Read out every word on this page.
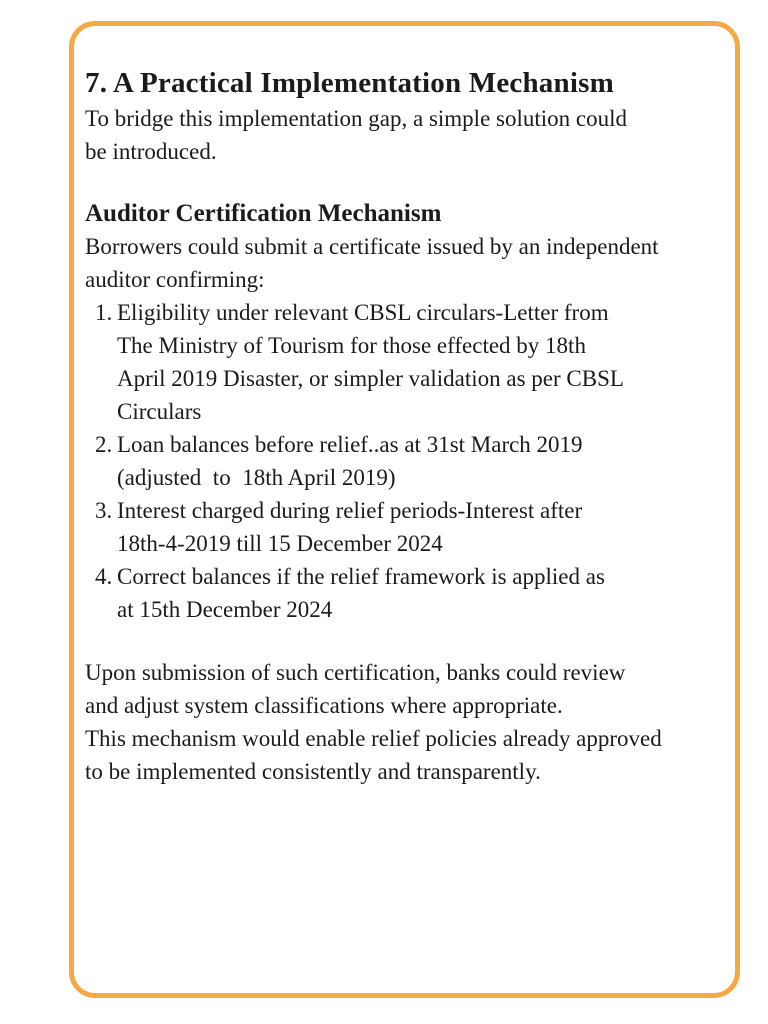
7. A Practical Implementation Mechanism

To bridge this implementation gap, a simple solution could
be introduced.

Auditor Certification Mechanism

Borrowers could submit a certificate issued by an independent
auditor confirming:

1. Eligibility under relevant CBSL circulars-Letter from
The Ministry of Tourism for those effected by 18th
April 2019 Disaster, or simpler validation as per CBSL
Circulars
2. Loan balances before relief..as at 31st March 2019
(adjusted  to  18th April 2019)
3. Interest charged during relief periods-Interest after
18th-4-2019 till 15 December 2024
4. Correct balances if the relief framework is applied as
at 15th December 2024

Upon submission of such certification, banks could review
and adjust system classifications where appropriate.

This mechanism would enable relief policies already approved
to be implemented consistently and transparently.
